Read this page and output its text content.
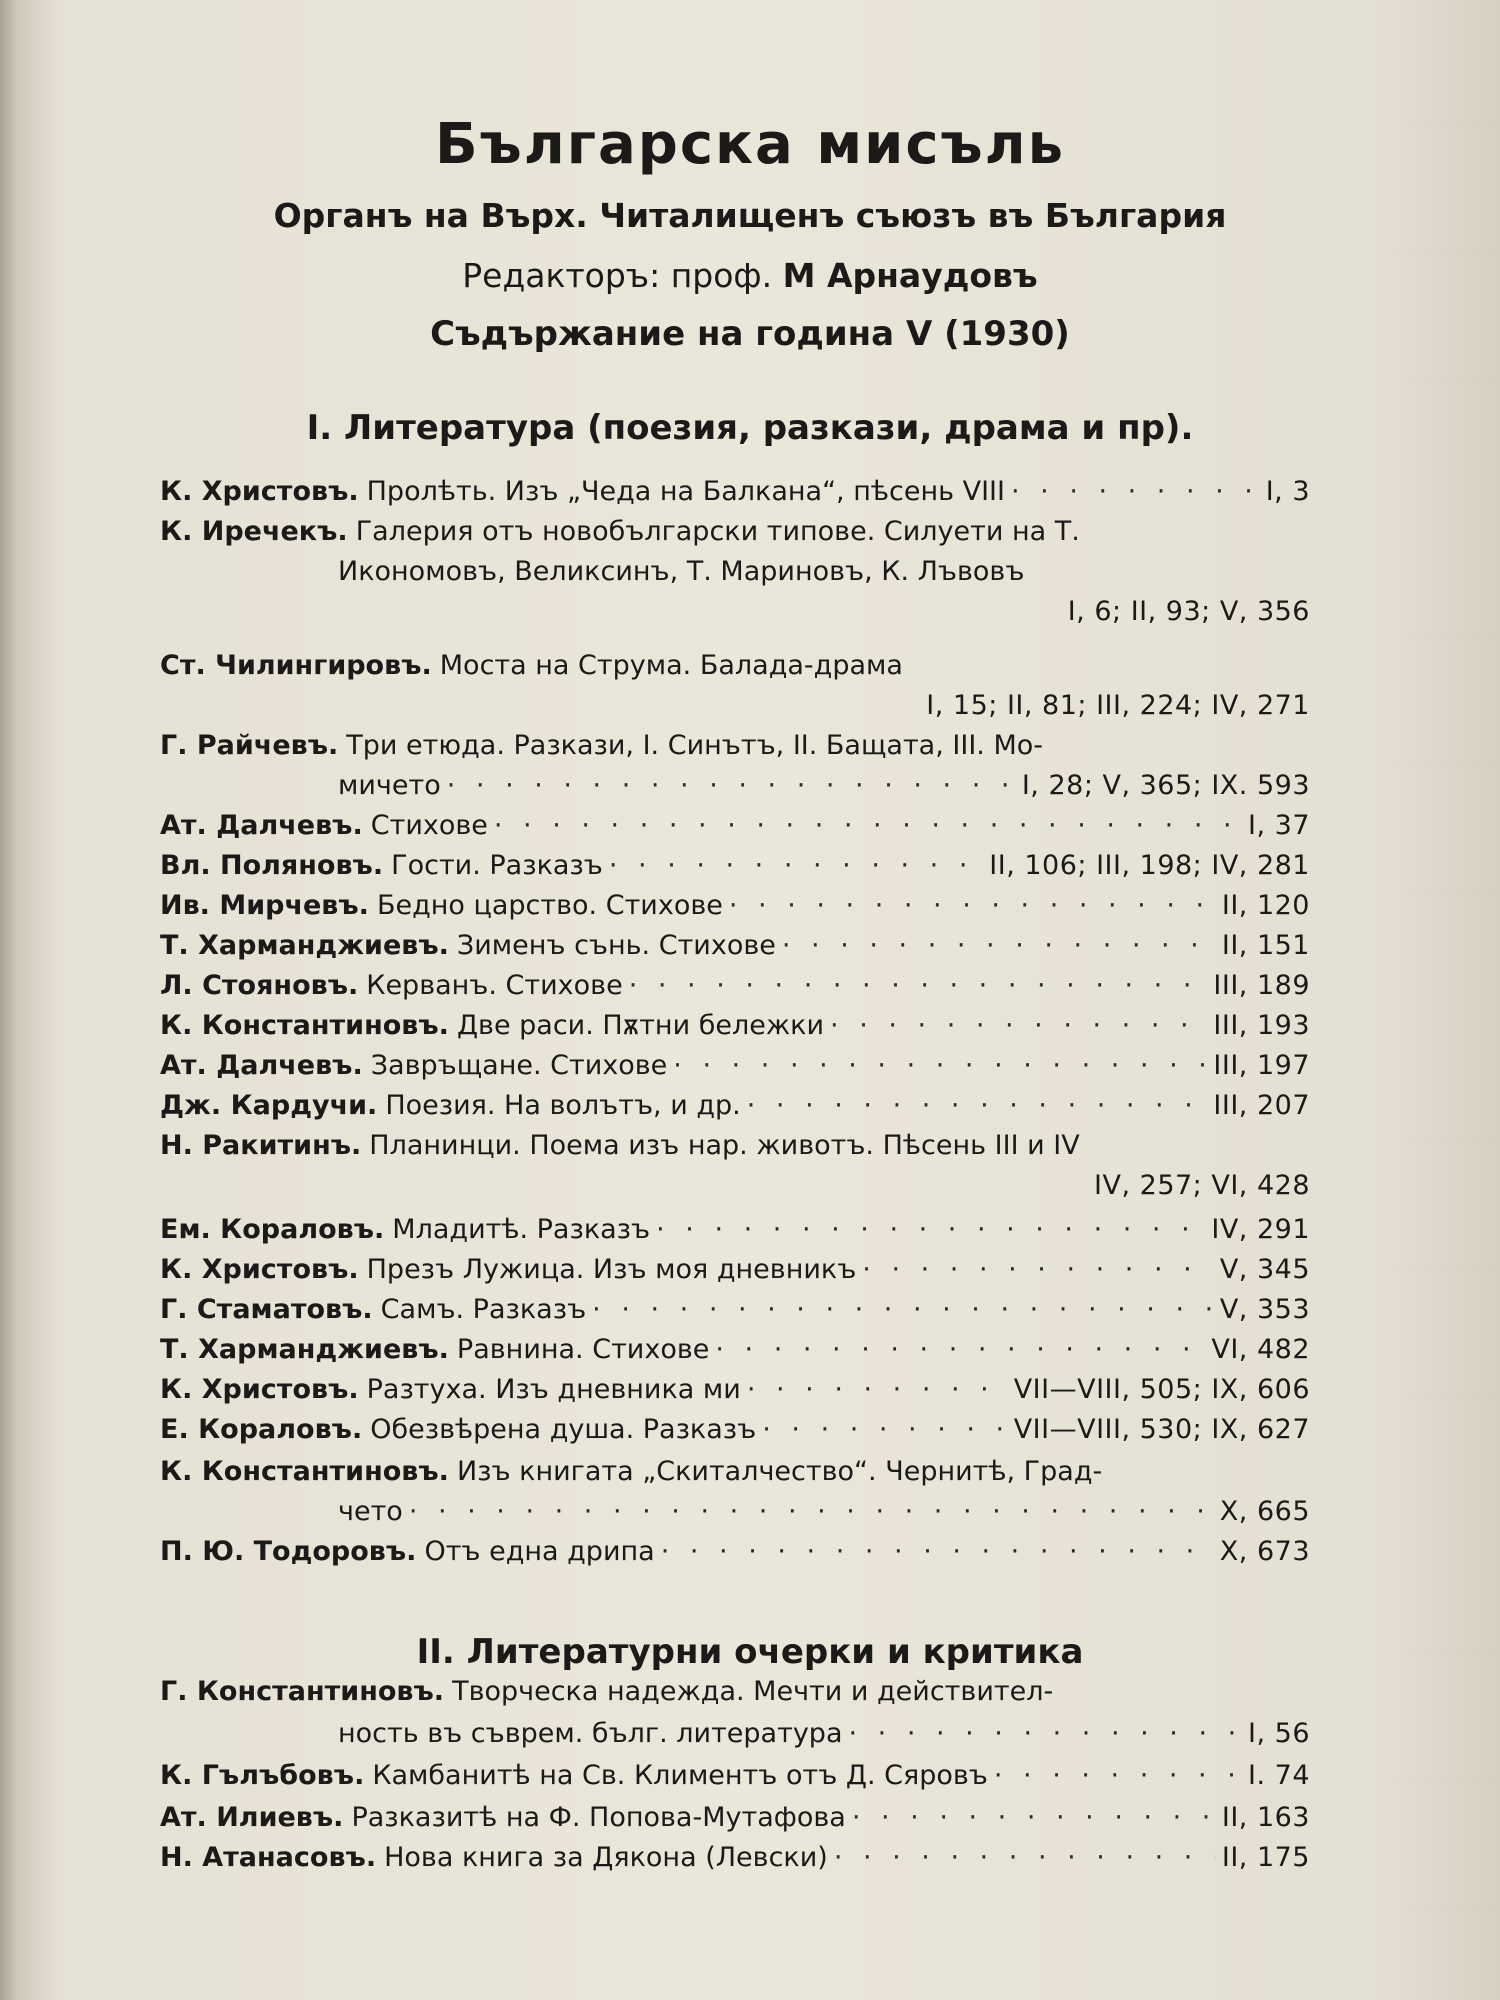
Българска мисъль
Органъ на Върх. Читалищенъ съюзъ въ България
Редакторъ: проф. М Арнаудовъ
Съдържание на година V (1930)
I. Литература (поезия, разкази, драма и пр).
II. Литературни очерки и критика
К. Христовъ. Пролѣть. Изъ „Чеда на Балкана“, пѣсень VIII · · ·	I, 3
К. Иречекъ. Галерия отъ новобългарски типове. Силуети на Т.
Икономовъ, Великсинъ, Т. Мариновъ, К. Лъвовъ
I, 6; II, 93; V, 356
Ст. Чилингировъ. Моста на Струма. Балада-драма
I, 15; II, 81; III, 224; IV, 271
Г. Райчевъ. Три етюда. Разкази, I. Синътъ, II. Бащата, III. Мо-
мичето · · ·	I, 28; V, 365; IX. 593
Ат. Далчевъ. Стихове · · ·	I, 37
Вл. Поляновъ. Гости. Разказъ · · ·	II, 106; III, 198; IV, 281
Ив. Мирчевъ. Бедно царство. Стихове · · ·	II, 120
Т. Харманджиевъ. Зименъ сънь. Стихове · · ·	II, 151
Л. Стояновъ. Керванъ. Стихове · · ·	III, 189
К. Константиновъ. Две раси. Пѫтни бележки · · ·	III, 193
Ат. Далчевъ. Завръщане. Стихове · · ·	III, 197
Дж. Кардучи. Поезия. На волътъ, и др. · · ·	III, 207
Н. Ракитинъ. Планинци. Поема изъ нар. животъ. Пѣсень III и IV
IV, 257; VI, 428
Ем. Кораловъ. Младитѣ. Разказъ · · ·	IV, 291
К. Христовъ. Презъ Лужица. Изъ моя дневникъ · · ·	V, 345
Г. Стаматовъ. Самъ. Разказъ · · ·	V, 353
Т. Харманджиевъ. Равнина. Стихове · · ·	VI, 482
К. Христовъ. Разтуха. Изъ дневника ми · · ·	VII—VIII, 505; IX, 606
Е. Кораловъ. Обезвѣрена душа. Разказъ · · ·	VII—VIII, 530; IX, 627
К. Константиновъ. Изъ книгата „Скиталчество“. Чернитѣ, Град-
чето · · ·	X, 665
П. Ю. Тодоровъ. Отъ една дрипа · · ·	X, 673
Г. Константиновъ. Творческа надежда. Мечти и действител-
ность въ съврем. бълг. литература · · ·	I, 56
К. Гълъбовъ. Камбанитѣ на Св. Климентъ отъ Д. Сяровъ · · ·	I. 74
Ат. Илиевъ. Разказитѣ на Ф. Попова-Мутафова · · ·	II, 163
Н. Атанасовъ. Нова книга за Дякона (Левски) · · ·	II, 175
